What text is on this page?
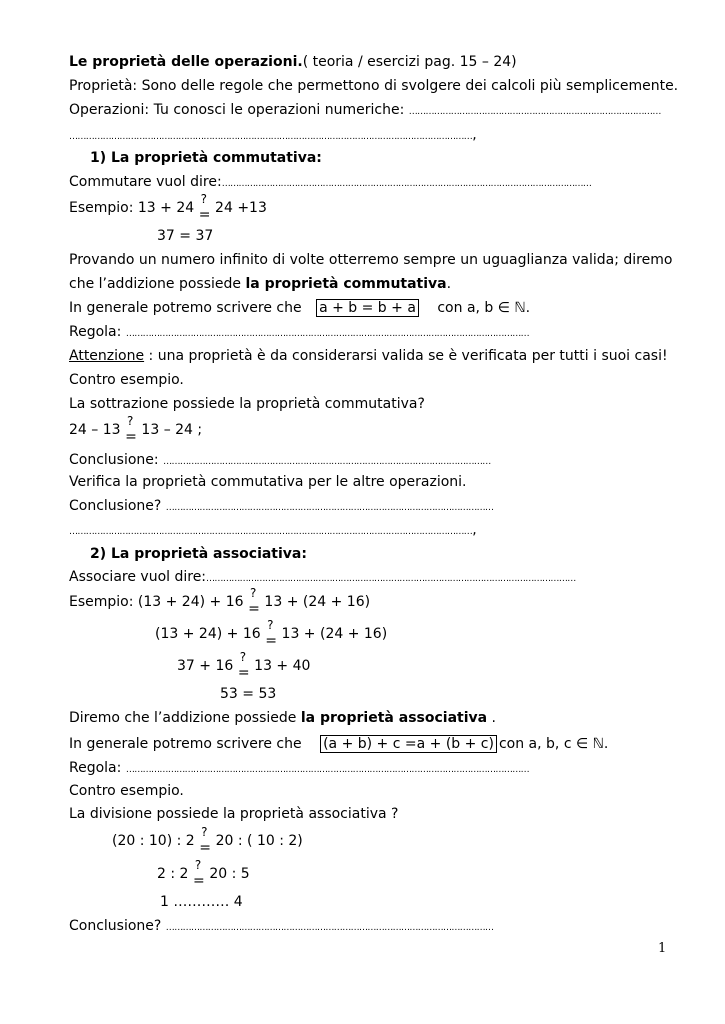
Le proprietà delle operazioni.( teoria / esercizi pag. 15 – 24)
Proprietà: Sono delle regole che permettono di svolgere dei calcoli più semplicemente.
Operazioni: Tu conosci le operazioni numeriche: ………………………………………………………………………………
………………………………………………………………………………………………………………………………,
1) La proprietà commutativa:
Commutare vuol dire:……………………………………………………………………………………………………………………
Esempio: 13 + 24
?
= 24 +13
37 = 37
Provando un numero infinito di volte otterremo sempre un uguaglianza valida; diremo
che l’addizione possiede la proprietà commutativa.
In generale potremo scrivere che a + b = b + a con a, b ∈ ℕ.
Regola: ………………………………………………………………………………………………………………………………
Attenzione : una proprietà è da considerarsi valida se è verificata per tutti i suoi casi!
Contro esempio.
La sottrazione possiede la proprietà commutativa?
24 – 13
?
= 13 – 24 ;
Conclusione: ………………………………………………………………………………………………………
Verifica la proprietà commutativa per le altre operazioni.
Conclusione? ………………………………………………………………………………………………………
………………………………………………………………………………………………………………………………,
2) La proprietà associativa:
Associare vuol dire:……………………………………………………………………………………………………………………
Esempio: (13 + 24) + 16
?
= 13 + (24 + 16)
(13 + 24) + 16
?
= 13 + (24 + 16)
37 + 16
?
= 13 + 40
53 = 53
Diremo che l’addizione possiede la proprietà associativa .
In generale potremo scrivere che (a + b) + c =a + (b + c) con a, b, c ∈ ℕ.
Regola: ………………………………………………………………………………………………………………………………
Contro esempio.
La divisione possiede la proprietà associativa ?
(20 : 10) : 2
?
= 20 : ( 10 : 2)
2 : 2
?
= 20 : 5
1 ………… 4
Conclusione? ………………………………………………………………………………………………………
1
